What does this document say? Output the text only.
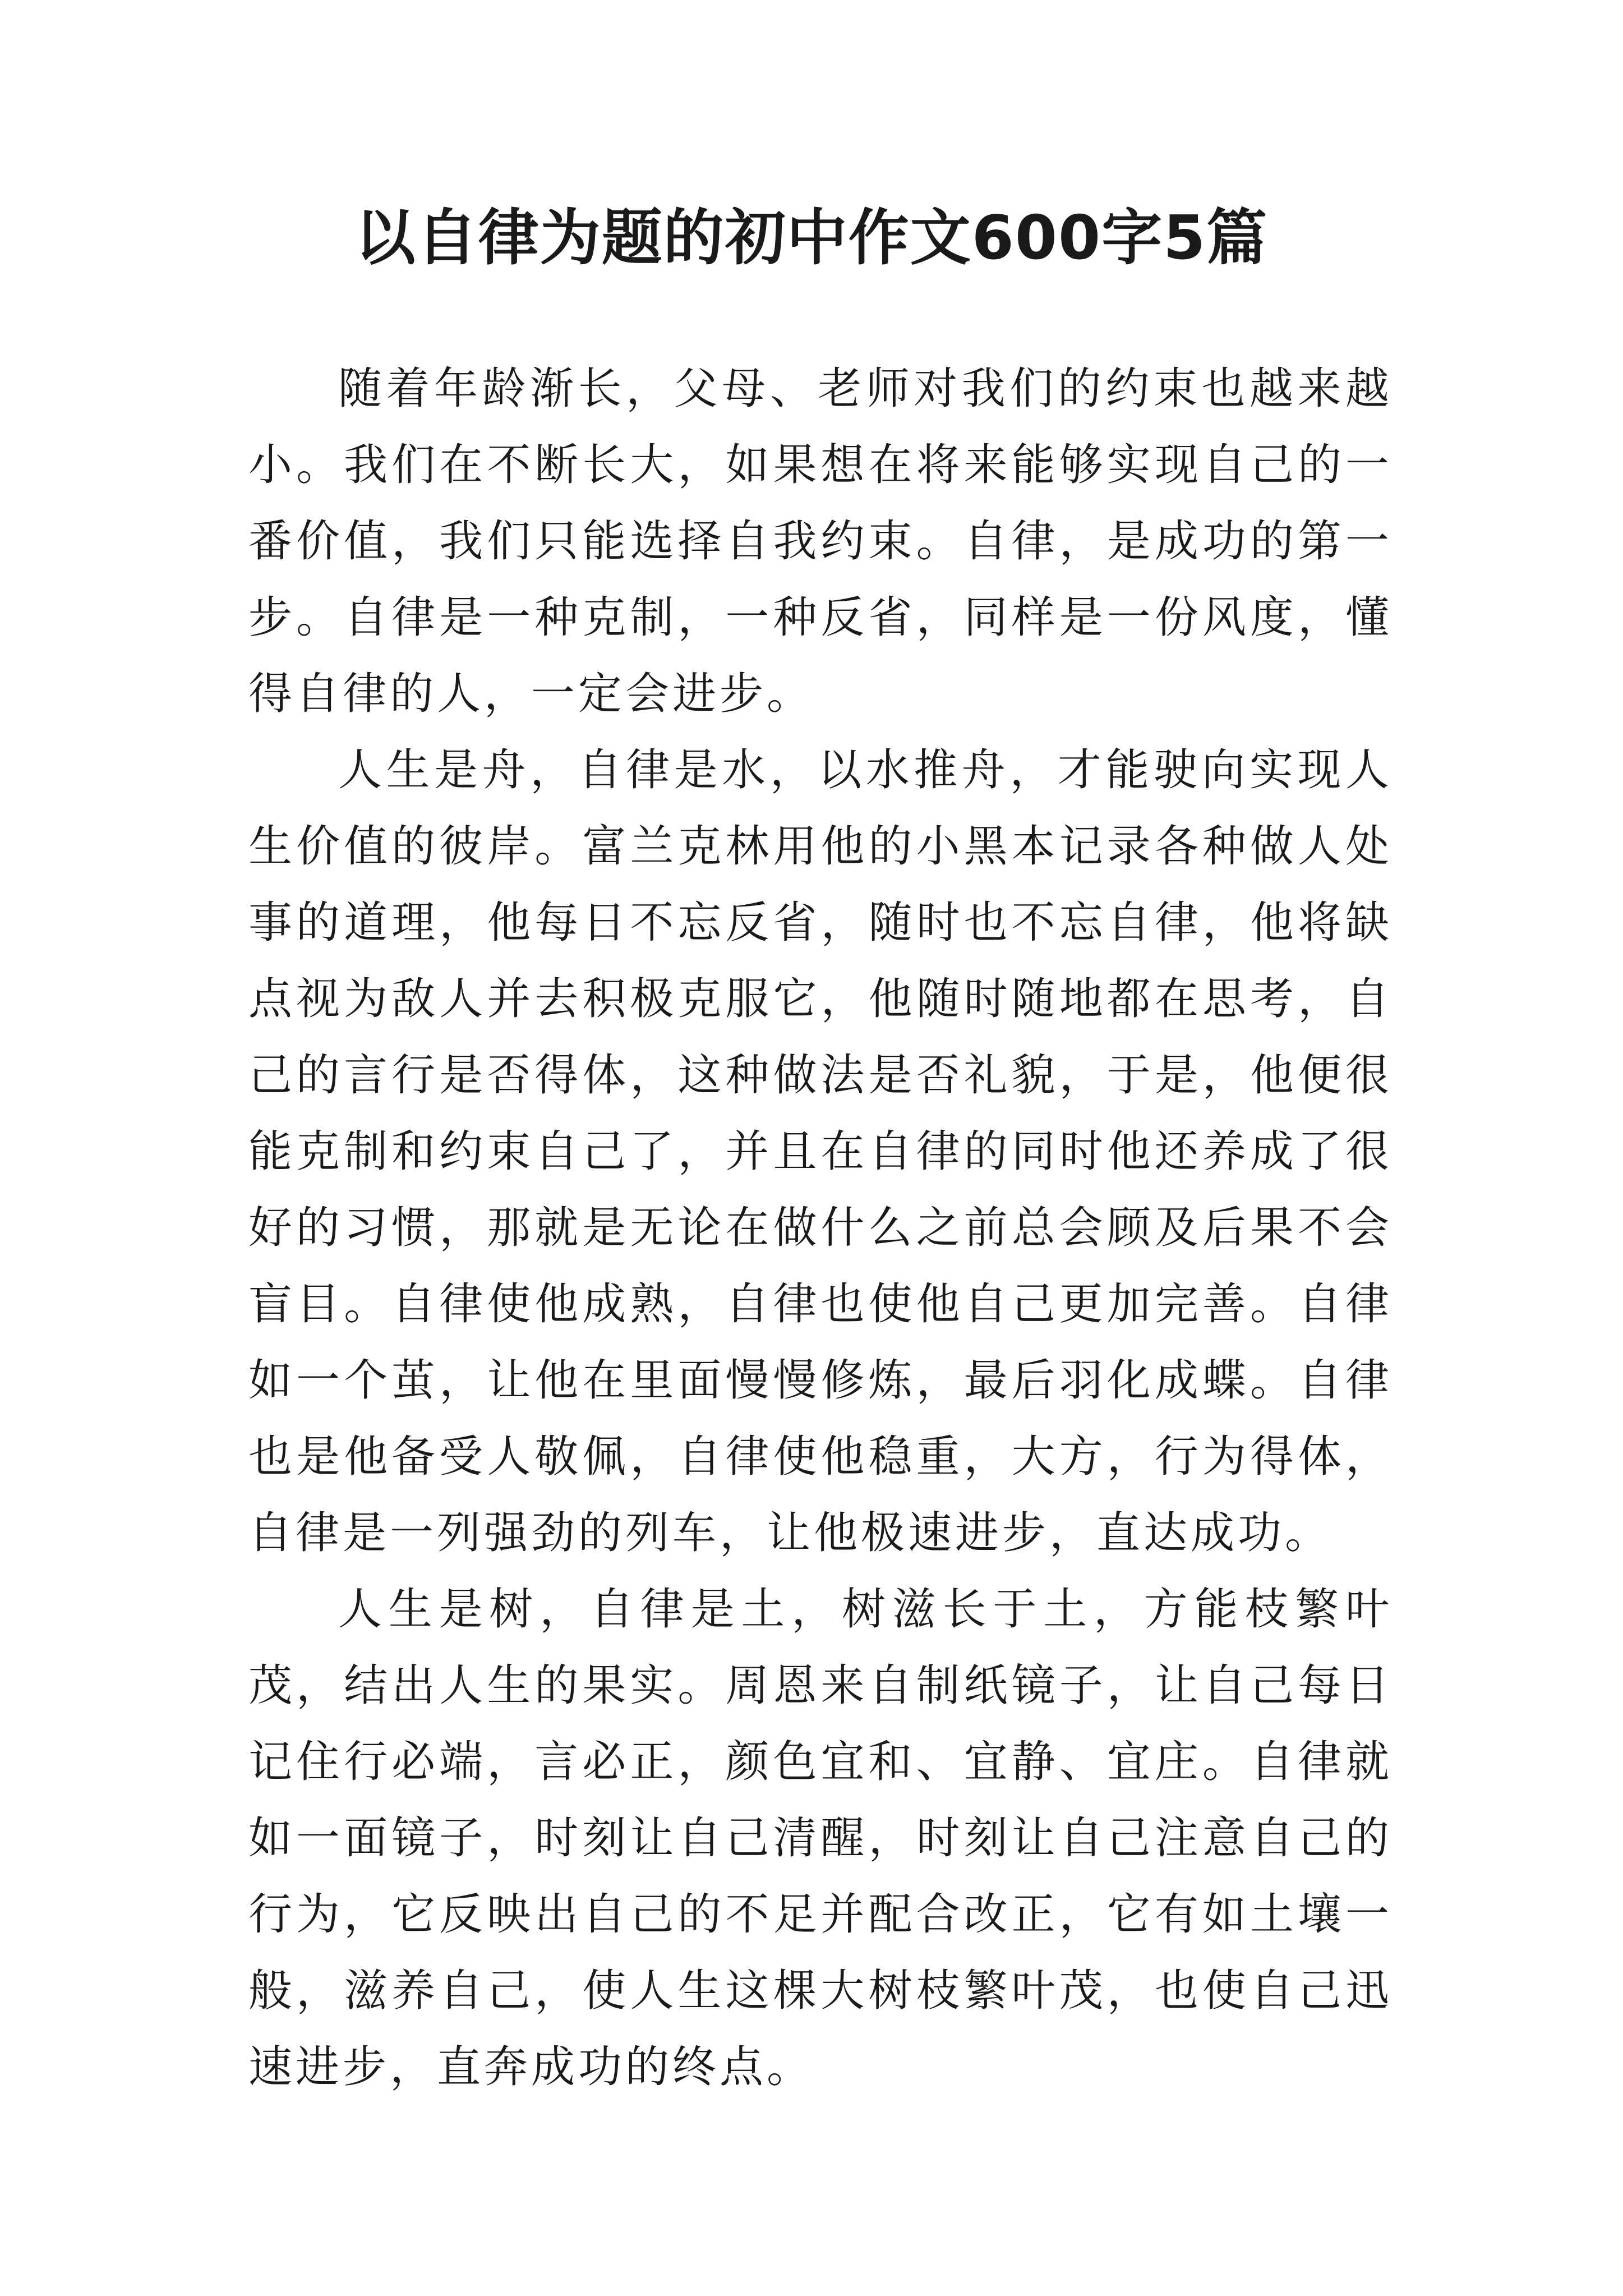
以自律为题的初中作文600字5篇

随着年龄渐长，父母、老师对我们的约束也越来越小。我们在不断长大，如果想在将来能够实现自己的一番价值，我们只能选择自我约束。自律，是成功的第一步。自律是一种克制，一种反省，同样是一份风度，懂得自律的人，一定会进步。

人生是舟，自律是水，以水推舟，才能驶向实现人生价值的彼岸。富兰克林用他的小黑本记录各种做人处事的道理，他每日不忘反省，随时也不忘自律，他将缺点视为敌人并去积极克服它，他随时随地都在思考，自己的言行是否得体，这种做法是否礼貌，于是，他便很能克制和约束自己了，并且在自律的同时他还养成了很好的习惯，那就是无论在做什么之前总会顾及后果不会盲目。自律使他成熟，自律也使他自己更加完善。自律如一个茧，让他在里面慢慢修炼，最后羽化成蝶。自律也是他备受人敬佩，自律使他稳重，大方，行为得体，自律是一列强劲的列车，让他极速进步，直达成功。

人生是树，自律是土，树滋长于土，方能枝繁叶茂，结出人生的果实。周恩来自制纸镜子，让自己每日记住行必端，言必正，颜色宜和、宜静、宜庄。自律就如一面镜子，时刻让自己清醒，时刻让自己注意自己的行为，它反映出自己的不足并配合改正，它有如土壤一般，滋养自己，使人生这棵大树枝繁叶茂，也使自己迅速进步，直奔成功的终点。
